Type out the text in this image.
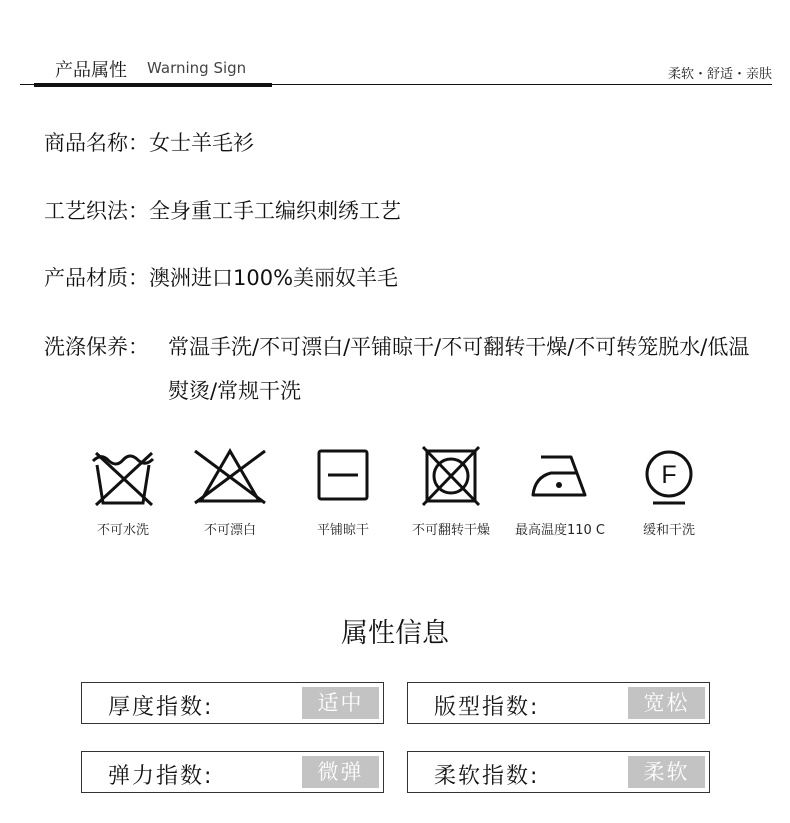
产品属性 Warning Sign	柔软・舒适・亲肤
商品名称：女士羊毛衫
工艺织法：全身重工手工编织刺绣工艺
产品材质：澳洲进口100%美丽奴羊毛
洗涤保养： 常温手洗/不可漂白/平铺晾干/不可翻转干燥/不可转笼脱水/低温熨烫/常规干洗
不可水洗	不可漂白	平铺晾干	不可翻转干燥	最高温度110 C
F
缓和干洗
属性信息
厚度指数:	适中	版型指数:	宽松
弹力指数:	微弹	柔软指数:	柔软
